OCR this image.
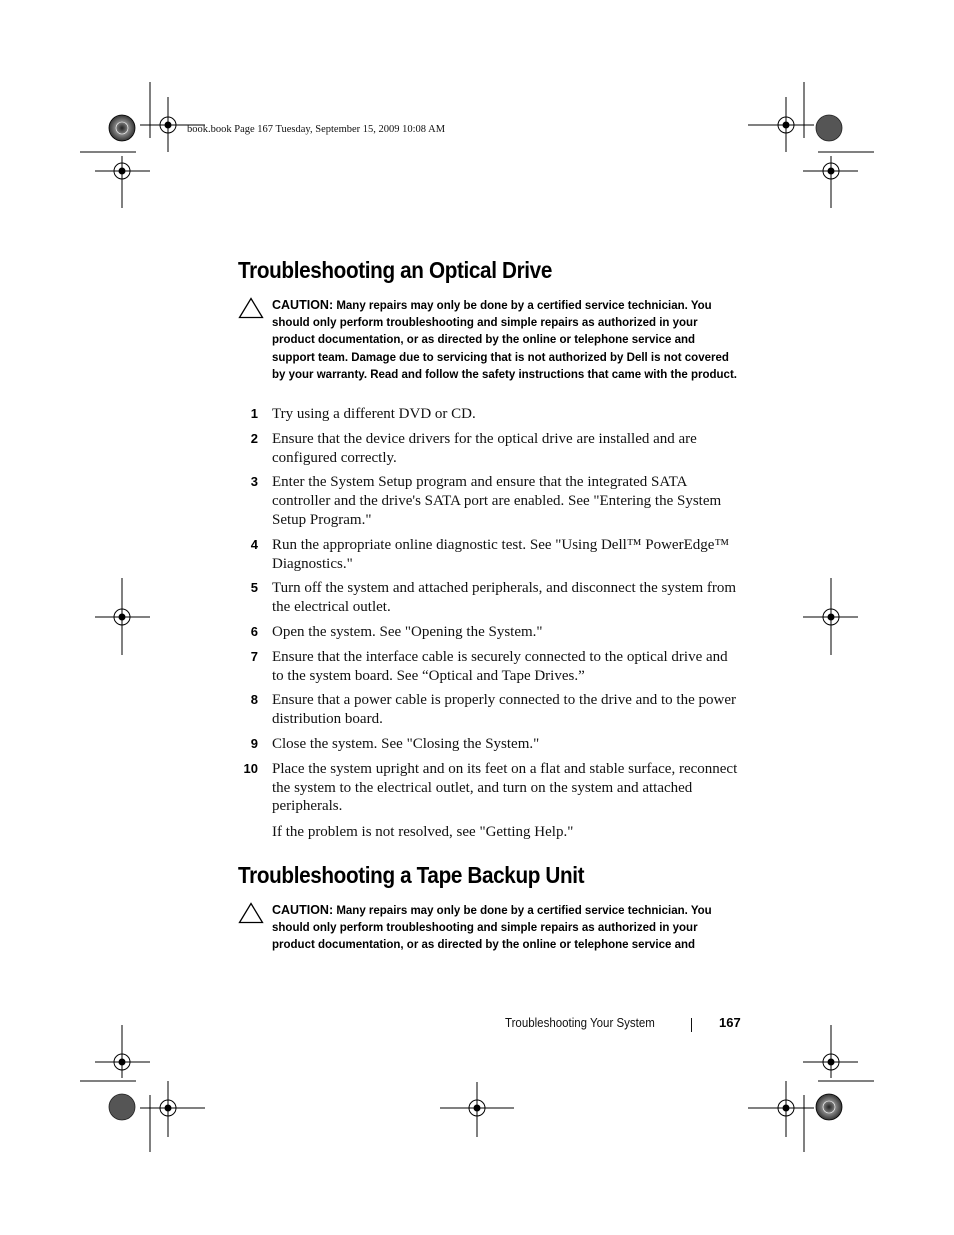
book.book Page 167 Tuesday, September 15, 2009 10:08 AM
Troubleshooting an Optical Drive
CAUTION: Many repairs may only be done by a certified service technician. You should only perform troubleshooting and simple repairs as authorized in your product documentation, or as directed by the online or telephone service and support team. Damage due to servicing that is not authorized by Dell is not covered by your warranty. Read and follow the safety instructions that came with the product.
1 Try using a different DVD or CD.
2 Ensure that the device drivers for the optical drive are installed and are configured correctly.
3 Enter the System Setup program and ensure that the integrated SATA controller and the drive's SATA port are enabled. See "Entering the System Setup Program."
4 Run the appropriate online diagnostic test. See "Using Dell™ PowerEdge™ Diagnostics."
5 Turn off the system and attached peripherals, and disconnect the system from the electrical outlet.
6 Open the system. See "Opening the System."
7 Ensure that the interface cable is securely connected to the optical drive and to the system board. See “Optical and Tape Drives.”
8 Ensure that a power cable is properly connected to the drive and to the power distribution board.
9 Close the system. See "Closing the System."
10 Place the system upright and on its feet on a flat and stable surface, reconnect the system to the electrical outlet, and turn on the system and attached peripherals.
If the problem is not resolved, see "Getting Help."
Troubleshooting a Tape Backup Unit
CAUTION: Many repairs may only be done by a certified service technician. You should only perform troubleshooting and simple repairs as authorized in your product documentation, or as directed by the online or telephone service and
Troubleshooting Your System	167
